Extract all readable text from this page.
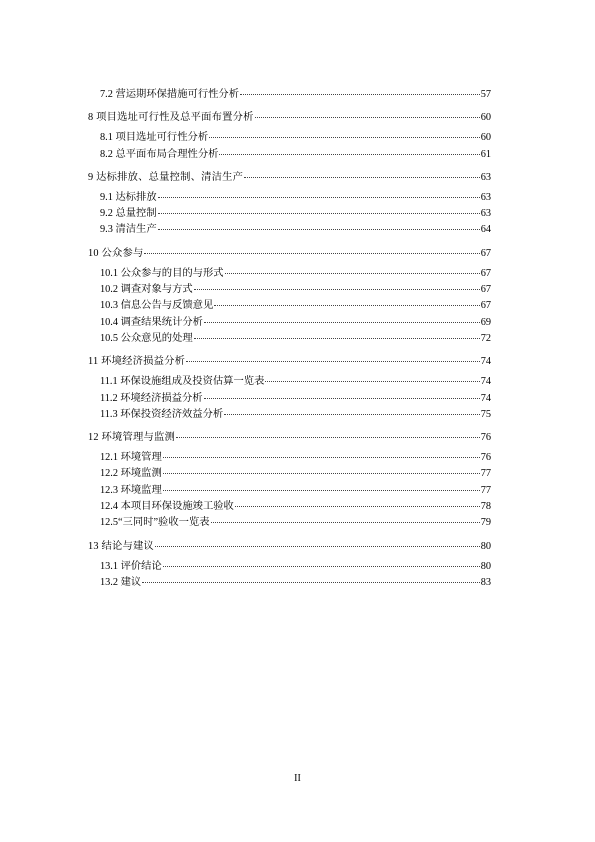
7.2 营运期环保措施可行性分析	57
8 项目选址可行性及总平面布置分析	60
8.1 项目选址可行性分析	60
8.2 总平面布局合理性分析	61
9 达标排放、总量控制、清洁生产	63
9.1 达标排放	63
9.2 总量控制	63
9.3 清洁生产	64
10 公众参与	67
10.1 公众参与的目的与形式	67
10.2 调查对象与方式	67
10.3 信息公告与反馈意见	67
10.4 调查结果统计分析	69
10.5 公众意见的处理	72
11 环境经济损益分析	74
11.1 环保设施组成及投资估算一览表	74
11.2 环境经济损益分析	74
11.3 环保投资经济效益分析	75
12 环境管理与监测	76
12.1 环境管理	76
12.2 环境监测	77
12.3 环境监理	77
12.4 本项目环保设施竣工验收	78
12.5“三同时”验收一览表	79
13 结论与建议	80
13.1 评价结论	80
13.2 建议	83
II
